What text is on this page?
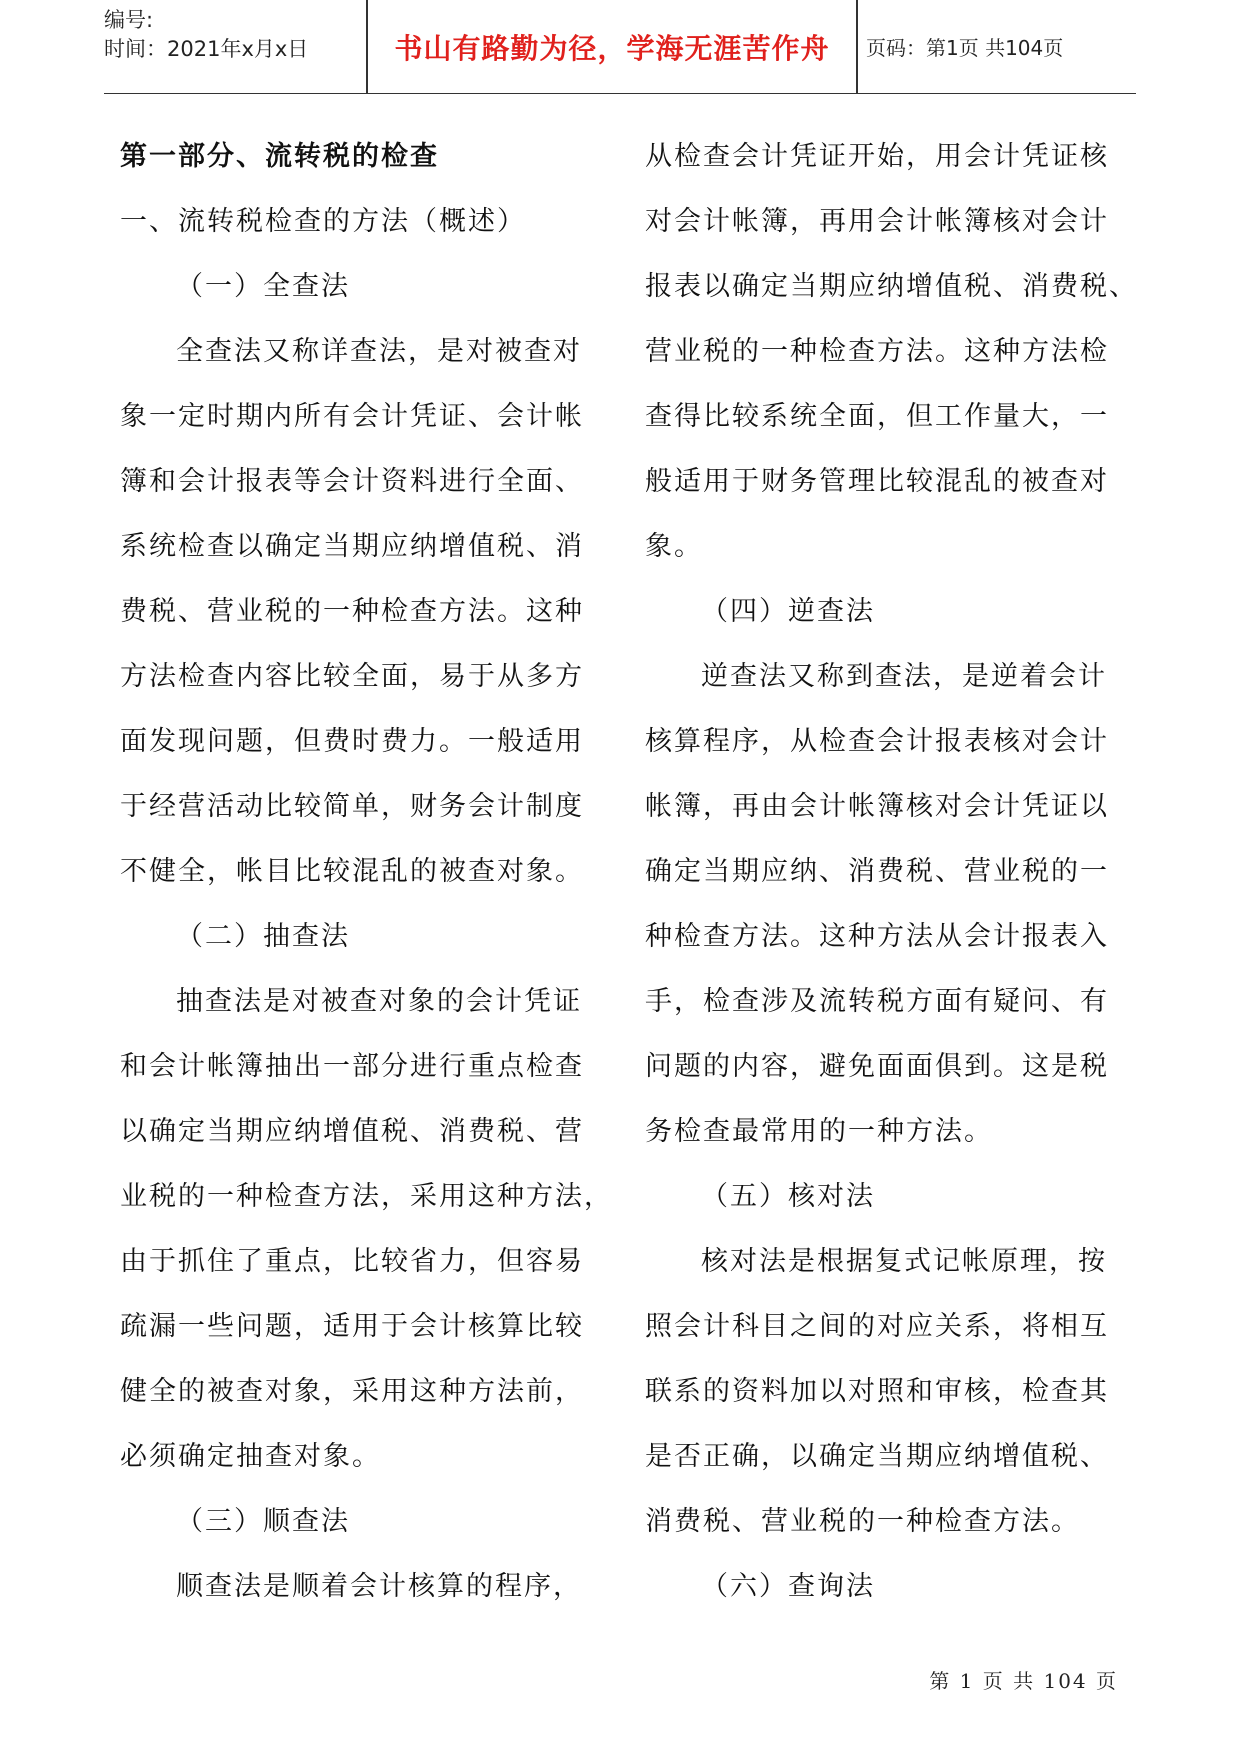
编号:
时间：2021年x月x日	书山有路勤为径，学海无涯苦作舟 页码：第1页 共104页
第一部分、流转税的检查
一、流转税检查的方法（概述）
（一）全查法
全查法又称详查法，是对被查对
象一定时期内所有会计凭证、会计帐
簿和会计报表等会计资料进行全面、
系统检查以确定当期应纳增值税、消
费税、营业税的一种检查方法。这种
方法检查内容比较全面，易于从多方
面发现问题，但费时费力。一般适用
于经营活动比较简单，财务会计制度
不健全，帐目比较混乱的被查对象。
（二）抽查法
抽查法是对被查对象的会计凭证
和会计帐簿抽出一部分进行重点检查
以确定当期应纳增值税、消费税、营
业税的一种检查方法，采用这种方法，
由于抓住了重点，比较省力，但容易
疏漏一些问题，适用于会计核算比较
健全的被查对象，采用这种方法前，
必须确定抽查对象。
（三）顺查法
顺查法是顺着会计核算的程序，
从检查会计凭证开始，用会计凭证核
对会计帐簿，再用会计帐簿核对会计
报表以确定当期应纳增值税、消费税、
营业税的一种检查方法。这种方法检
查得比较系统全面，但工作量大，一
般适用于财务管理比较混乱的被查对
象。
（四）逆查法
逆查法又称到查法，是逆着会计
核算程序，从检查会计报表核对会计
帐簿，再由会计帐簿核对会计凭证以
确定当期应纳、消费税、营业税的一
种检查方法。这种方法从会计报表入
手，检查涉及流转税方面有疑问、有
问题的内容，避免面面俱到。这是税
务检查最常用的一种方法。
（五）核对法
核对法是根据复式记帐原理，按
照会计科目之间的对应关系，将相互
联系的资料加以对照和审核，检查其
是否正确，以确定当期应纳增值税、
消费税、营业税的一种检查方法。
（六）查询法
第 1 页 共 104 页
